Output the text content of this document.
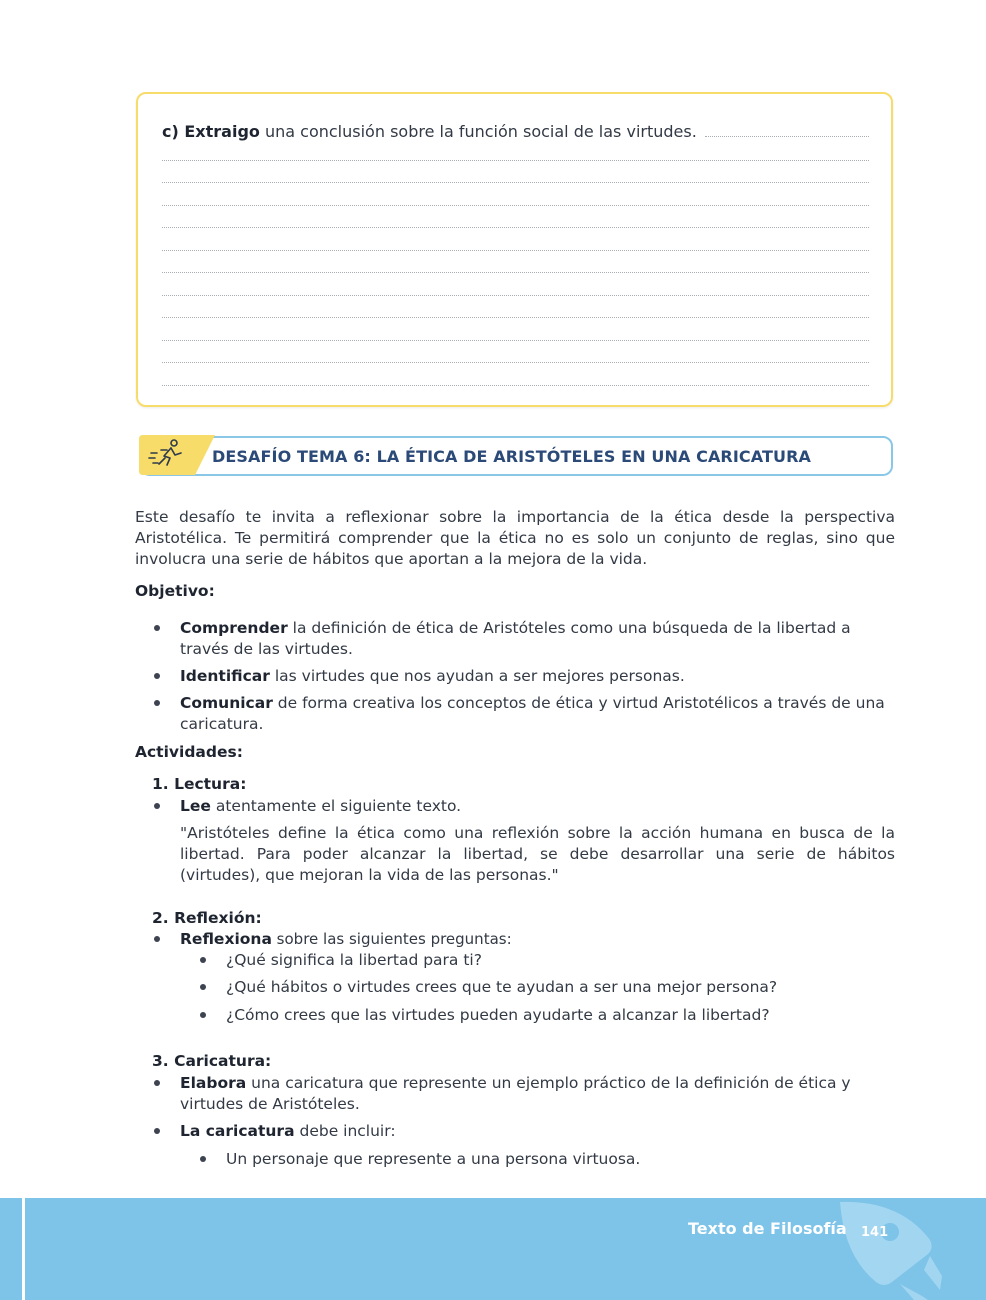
c) Extraigo una conclusión sobre la función social de las virtudes.
DESAFÍO TEMA 6: LA ÉTICA DE ARISTÓTELES EN UNA CARICATURA
Este desafío te invita a reflexionar sobre la importancia de la ética desde la perspectiva Aristotélica. Te permitirá comprender que la ética no es solo un conjunto de reglas, sino que involucra una serie de hábitos que aportan a la mejora de la vida.
Objetivo:
Comprender la definición de ética de Aristóteles como una búsqueda de la libertad a
través de las virtudes.
Identificar las virtudes que nos ayudan a ser mejores personas.
Comunicar de forma creativa los conceptos de ética y virtud Aristotélicos a través de una
caricatura.
Actividades:
1. Lectura:
Lee atentamente el siguiente texto.
"Aristóteles define la ética como una reflexión sobre la acción humana en busca de la libertad. Para poder alcanzar la libertad, se debe desarrollar una serie de hábitos (virtudes), que mejoran la vida de las personas."
2. Reflexión:
Reflexiona sobre las siguientes preguntas:
¿Qué significa la libertad para ti?
¿Qué hábitos o virtudes crees que te ayudan a ser una mejor persona?
¿Cómo crees que las virtudes pueden ayudarte a alcanzar la libertad?
3. Caricatura:
Elabora una caricatura que represente un ejemplo práctico de la definición de ética y
virtudes de Aristóteles.
La caricatura debe incluir:
Un personaje que represente a una persona virtuosa.
Texto de Filosofía 141
